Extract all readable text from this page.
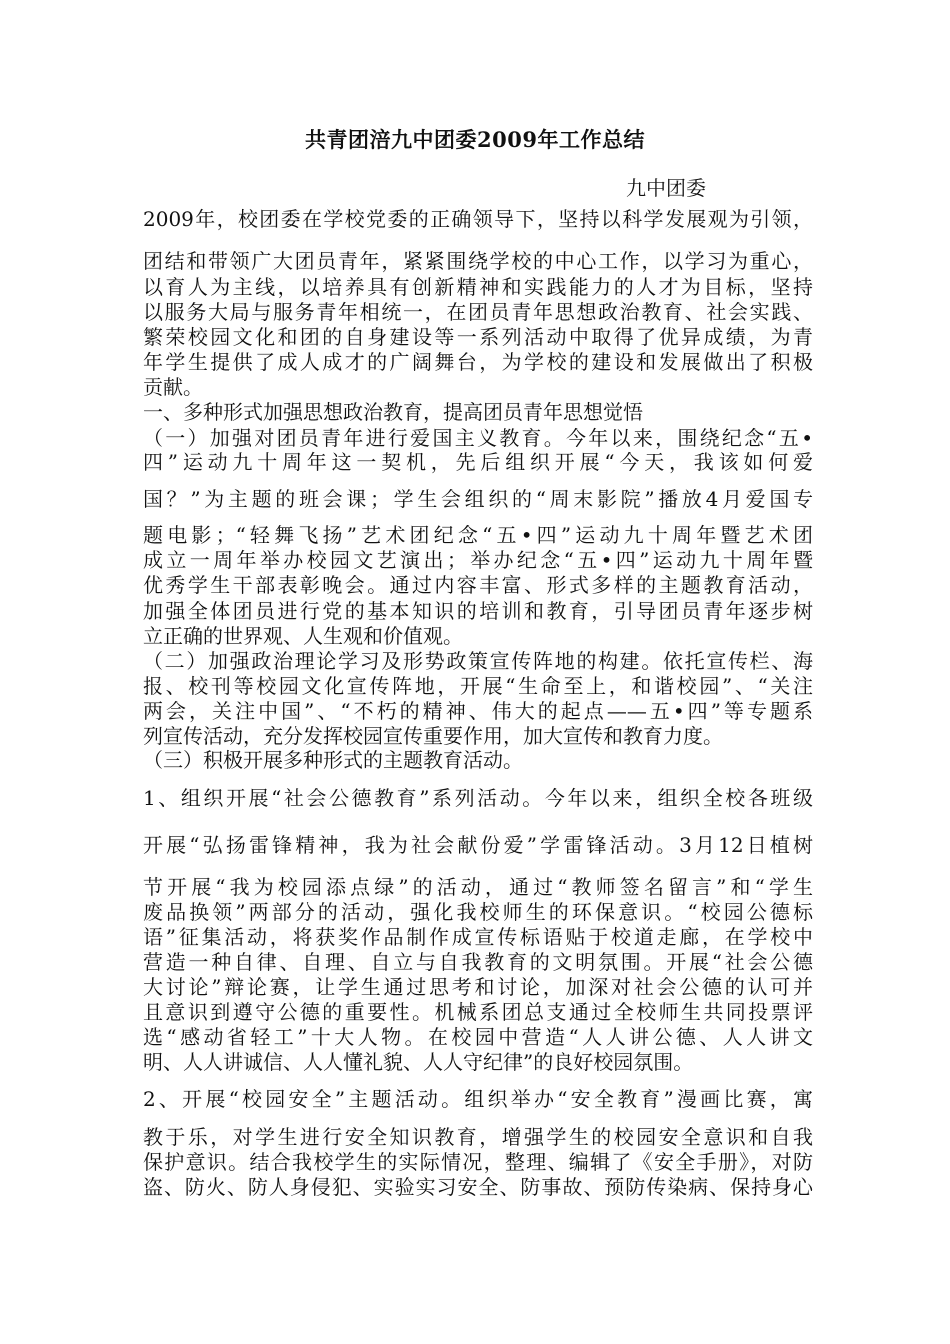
共青团涪九中团委2009年工作总结
九中团委
2009年，校团委在学校党委的正确领导下，坚持以科学发展观为引领，
团结和带领广大团员青年，紧紧围绕学校的中心工作，以学习为重心，
以育人为主线，以培养具有创新精神和实践能力的人才为目标，坚持
以服务大局与服务青年相统一，在团员青年思想政治教育、社会实践、
繁荣校园文化和团的自身建设等一系列活动中取得了优异成绩，为青
年学生提供了成人成才的广阔舞台，为学校的建设和发展做出了积极
贡献。
一、多种形式加强思想政治教育，提高团员青年思想觉悟
（一）加强对团员青年进行爱国主义教育。今年以来，围绕纪念“五•
四”运动九十周年这一契机，先后组织开展“今天，我该如何爱
国？”为主题的班会课；学生会组织的“周末影院”播放4月爱国专
题电影；“轻舞飞扬”艺术团纪念“五•四”运动九十周年暨艺术团
成立一周年举办校园文艺演出；举办纪念“五•四”运动九十周年暨
优秀学生干部表彰晚会。通过内容丰富、形式多样的主题教育活动，
加强全体团员进行党的基本知识的培训和教育，引导团员青年逐步树
立正确的世界观、人生观和价值观。
（二）加强政治理论学习及形势政策宣传阵地的构建。依托宣传栏、海
报、校刊等校园文化宣传阵地，开展“生命至上，和谐校园”、“关注
两会，关注中国”、“不朽的精神、伟大的起点——五•四”等专题系
列宣传活动，充分发挥校园宣传重要作用，加大宣传和教育力度。
（三）积极开展多种形式的主题教育活动。
1、组织开展“社会公德教育”系列活动。今年以来，组织全校各班级
开展“弘扬雷锋精神，我为社会献份爱”学雷锋活动。3月12日植树
节开展“我为校园添点绿”的活动，通过“教师签名留言”和“学生
废品换领”两部分的活动，强化我校师生的环保意识。“校园公德标
语”征集活动，将获奖作品制作成宣传标语贴于校道走廊，在学校中
营造一种自律、自理、自立与自我教育的文明氛围。开展“社会公德
大讨论”辩论赛，让学生通过思考和讨论，加深对社会公德的认可并
且意识到遵守公德的重要性。机械系团总支通过全校师生共同投票评
选“感动省轻工”十大人物。在校园中营造“人人讲公德、人人讲文
明、人人讲诚信、人人懂礼貌、人人守纪律”的良好校园氛围。
2、开展“校园安全”主题活动。组织举办“安全教育”漫画比赛，寓
教于乐，对学生进行安全知识教育，增强学生的校园安全意识和自我
保护意识。结合我校学生的实际情况，整理、编辑了《安全手册》，对防
盗、防火、防人身侵犯、实验实习安全、防事故、预防传染病、保持身心
